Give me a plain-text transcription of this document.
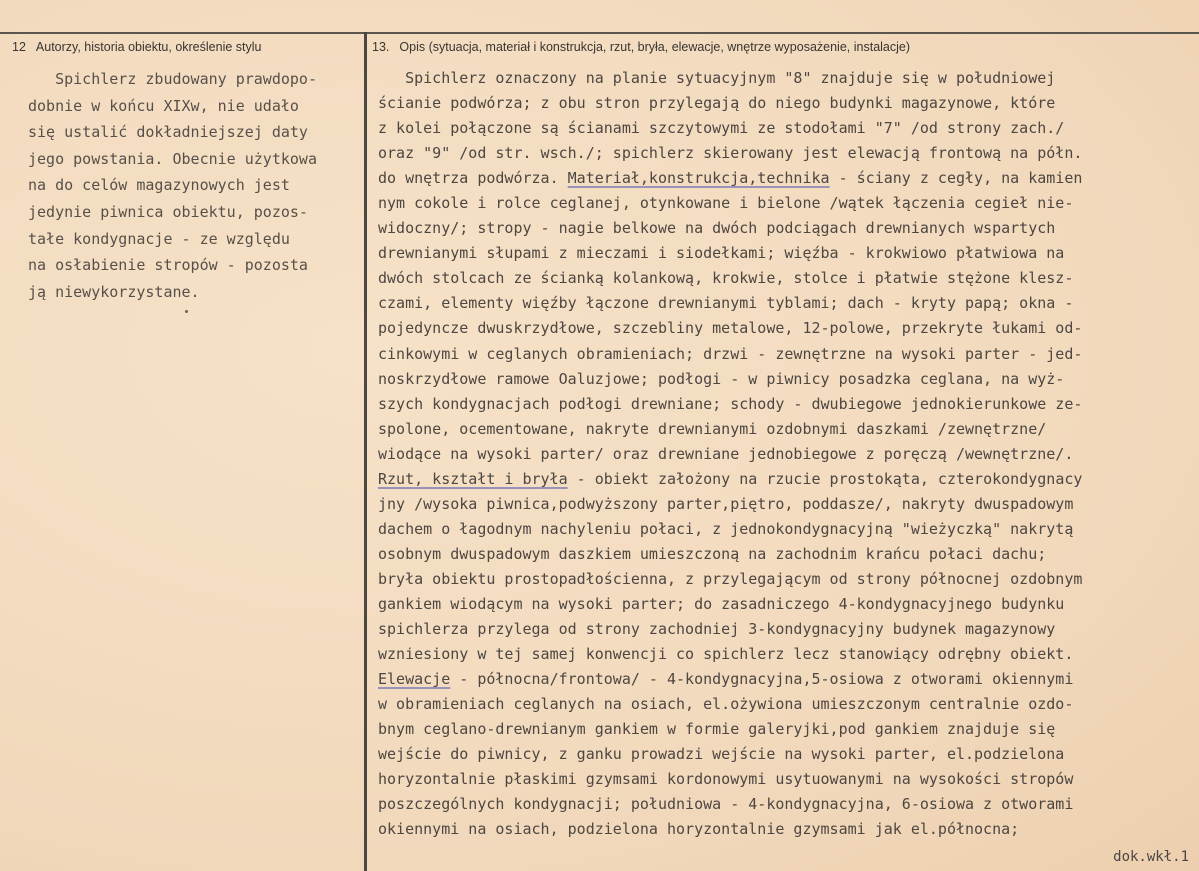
12 Autorzy, historia obiektu, określenie stylu	13. Opis (sytuacja, materiał i konstrukcja, rzut, bryła, elewacje, wnętrze wyposażenie, instalacje)
Spichlerz zbudowany prawdopo-
dobnie w końcu XIXw, nie udało
się ustalić dokładniejszej daty
jego powstania. Obecnie użytkowa
na do celów magazynowych jest
jedynie piwnica obiektu, pozos-
tałe kondygnacje - ze względu
na osłabienie stropów - pozosta
ją niewykorzystane.
Spichlerz oznaczony na planie sytuacyjnym "8" znajduje się w południowej
ścianie podwórza; z obu stron przylegają do niego budynki magazynowe, które
z kolei połączone są ścianami szczytowymi ze stodołami "7" /od strony zach./
oraz "9" /od str. wsch./; spichlerz skierowany jest elewacją frontową na półn.
do wnętrza podwórza. Materiał,konstrukcja,technika - ściany z cegły, na kamien
nym cokole i rolce ceglanej, otynkowane i bielone /wątek łączenia cegieł nie-
widoczny/; stropy - nagie belkowe na dwóch podciągach drewnianych wspartych
drewnianymi słupami z mieczami i siodełkami; więźba - krokwiowo płatwiowa na
dwóch stolcach ze ścianką kolankową, krokwie, stolce i płatwie stężone klesz-
czami, elementy więźby łączone drewnianymi tyblami; dach - kryty papą; okna -
pojedyncze dwuskrzydłowe, szczebliny metalowe, 12-polowe, przekryte łukami od-
cinkowymi w ceglanych obramieniach; drzwi - zewnętrzne na wysoki parter - jed-
noskrzydłowe ramowe Oaluzjowe; podłogi - w piwnicy posadzka ceglana, na wyż-
szych kondygnacjach podłogi drewniane; schody - dwubiegowe jednokierunkowe ze-
spolone, ocementowane, nakryte drewnianymi ozdobnymi daszkami /zewnętrzne/
wiodące na wysoki parter/ oraz drewniane jednobiegowe z poręczą /wewnętrzne/.
Rzut, kształt i bryła - obiekt założony na rzucie prostokąta, czterokondygnacy
jny /wysoka piwnica,podwyższony parter,piętro, poddasze/, nakryty dwuspadowym
dachem o łagodnym nachyleniu połaci, z jednokondygnacyjną "wieżyczką" nakrytą
osobnym dwuspadowym daszkiem umieszczoną na zachodnim krańcu połaci dachu;
bryła obiektu prostopadłościenna, z przylegającym od strony północnej ozdobnym
gankiem wiodącym na wysoki parter; do zasadniczego 4-kondygnacyjnego budynku
spichlerza przylega od strony zachodniej 3-kondygnacyjny budynek magazynowy
wzniesiony w tej samej konwencji co spichlerz lecz stanowiący odrębny obiekt.
Elewacje - północna/frontowa/ - 4-kondygnacyjna,5-osiowa z otworami okiennymi
w obramieniach ceglanych na osiach, el.ożywiona umieszczonym centralnie ozdo-
bnym ceglano-drewnianym gankiem w formie galeryjki,pod gankiem znajduje się
wejście do piwnicy, z ganku prowadzi wejście na wysoki parter, el.podzielona
horyzontalnie płaskimi gzymsami kordonowymi usytuowanymi na wysokości stropów
poszczególnych kondygnacji; południowa - 4-kondygnacyjna, 6-osiowa z otworami
okiennymi na osiach, podzielona horyzontalnie gzymsami jak el.północna;
dok.wkł.1
